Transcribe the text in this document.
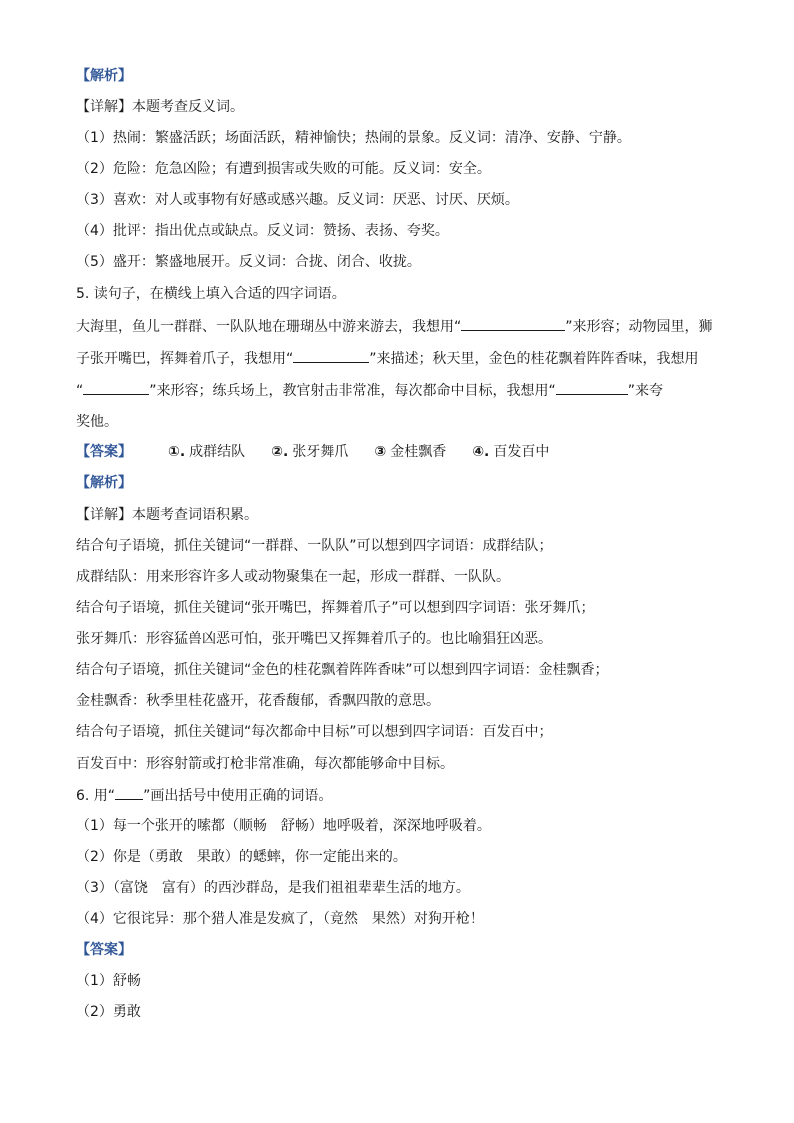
【解析】
【详解】本题考查反义词。
（1）热闹：繁盛活跃；场面活跃，精神愉快；热闹的景象。反义词：清净、安静、宁静。
（2）危险：危急凶险；有遭到损害或失败的可能。反义词：安全。
（3）喜欢：对人或事物有好感或感兴趣。反义词：厌恶、讨厌、厌烦。
（4）批评：指出优点或缺点。反义词：赞扬、表扬、夸奖。
（5）盛开：繁盛地展开。反义词：合拢、闭合、收拢。
5. 读句子，在横线上填入合适的四字词语。
大海里，鱼儿一群群、一队队地在珊瑚丛中游来游去，我想用“	”来形容；动物园里，狮
子张开嘴巴，挥舞着爪子，我想用“	”来描述；秋天里，金色的桂花飘着阵阵香味，我想用
“	”来形容；练兵场上，教官射击非常准，每次都命中目标，我想用“	”来夸
奖他。
【答案】	①. 成群结队 ②. 张牙舞爪 ③ 金桂飘香 ④. 百发百中
【解析】
【详解】本题考查词语积累。
结合句子语境，抓住关键词“一群群、一队队”可以想到四字词语：成群结队；
成群结队：用来形容许多人或动物聚集在一起，形成一群群、一队队。
结合句子语境，抓住关键词“张开嘴巴，挥舞着爪子”可以想到四字词语：张牙舞爪；
张牙舞爪：形容猛兽凶恶可怕，张开嘴巴又挥舞着爪子的。也比喻猖狂凶恶。
结合句子语境，抓住关键词“金色的桂花飘着阵阵香味”可以想到四字词语：金桂飘香；
金桂飘香：秋季里桂花盛开，花香馥郁，香飘四散的意思。
结合句子语境，抓住关键词“每次都命中目标”可以想到四字词语：百发百中；
百发百中：形容射箭或打枪非常准确，每次都能够命中目标。
6. 用“ ”画出括号中使用正确的词语。
（1）每一个张开的嗦都（顺畅　舒畅）地呼吸着，深深地呼吸着。
（2）你是（勇敢　果敢）的蟋蟀，你一定能出来的。
（3）（富饶　富有）的西沙群岛，是我们祖祖辈辈生活的地方。
（4）它很诧异：那个猎人准是发疯了，（竟然　果然）对狗开枪！
【答案】
（1）舒畅
（2）勇敢
